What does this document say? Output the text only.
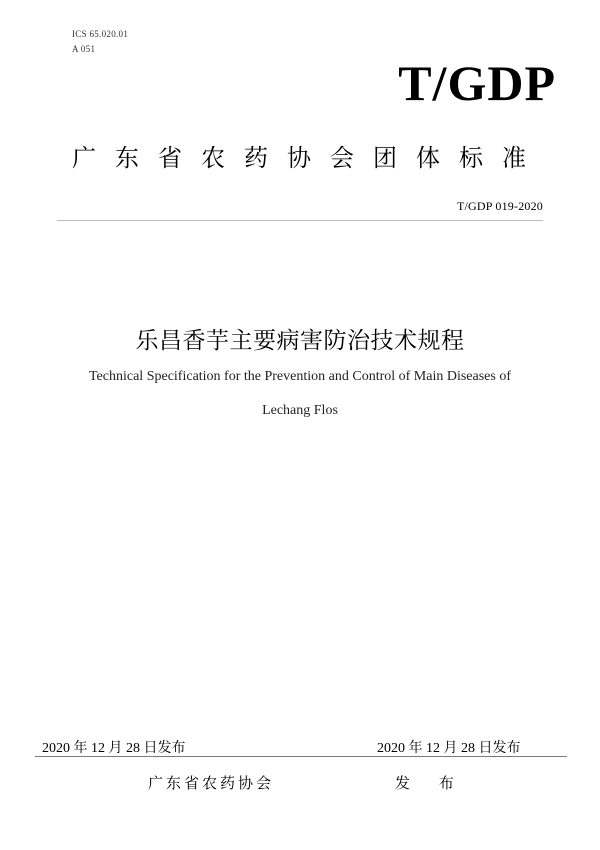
ICS 65.020.01
A 051
T/GDP
广东省农药协会团体标准
T/GDP 019-2020
乐昌香芋主要病害防治技术规程
Technical Specification for the Prevention and Control of Main Diseases of
Lechang Flos
2020 年 12 月 28 日发布	2020 年 12 月 28 日发布
广东省农药协会	发 布
